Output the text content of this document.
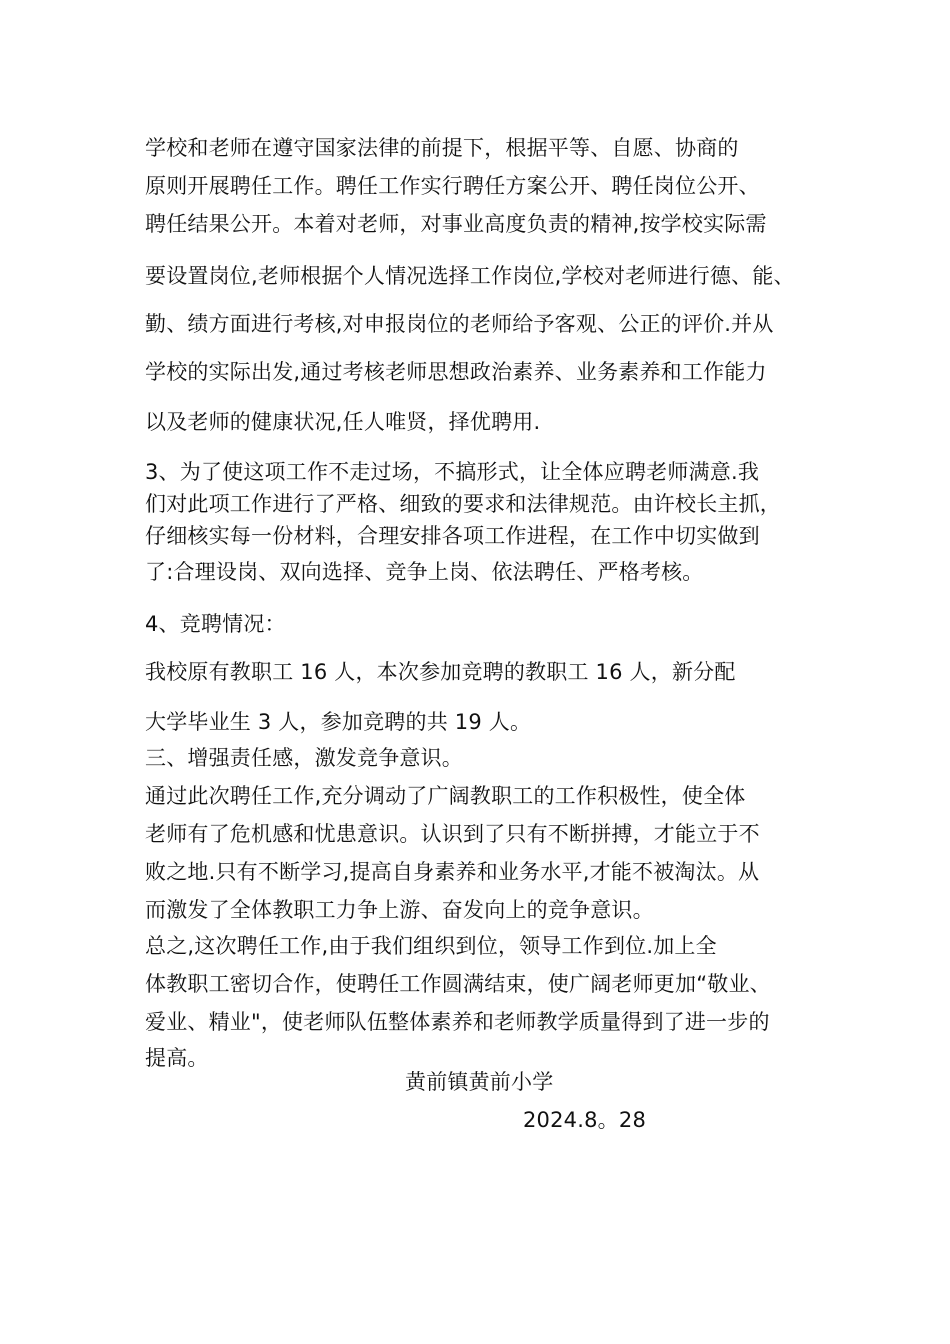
学校和老师在遵守国家法律的前提下，根据平等、自愿、协商的
原则开展聘任工作。聘任工作实行聘任方案公开、聘任岗位公开、
聘任结果公开。本着对老师，对事业高度负责的精神,按学校实际需
要设置岗位,老师根据个人情况选择工作岗位,学校对老师进行德、能、
勤、绩方面进行考核,对申报岗位的老师给予客观、公正的评价.并从
学校的实际出发,通过考核老师思想政治素养、业务素养和工作能力
以及老师的健康状况,任人唯贤，择优聘用.
3、为了使这项工作不走过场，不搞形式，让全体应聘老师满意.我
们对此项工作进行了严格、细致的要求和法律规范。由许校长主抓，
仔细核实每一份材料，合理安排各项工作进程，在工作中切实做到
了:合理设岗、双向选择、竞争上岗、依法聘任、严格考核。
4、竞聘情况：
我校原有教职工 16 人，本次参加竞聘的教职工 16 人，新分配
大学毕业生 3 人，参加竞聘的共 19 人。
三、增强责任感，激发竞争意识。
通过此次聘任工作,充分调动了广阔教职工的工作积极性，使全体
老师有了危机感和忧患意识。认识到了只有不断拼搏，才能立于不
败之地.只有不断学习,提高自身素养和业务水平,才能不被淘汰。从
而激发了全体教职工力争上游、奋发向上的竞争意识。
总之,这次聘任工作,由于我们组织到位，领导工作到位.加上全
体教职工密切合作，使聘任工作圆满结束，使广阔老师更加“敬业、
爱业、精业"，使老师队伍整体素养和老师教学质量得到了进一步的
提高。
黄前镇黄前小学
2024.8。28
